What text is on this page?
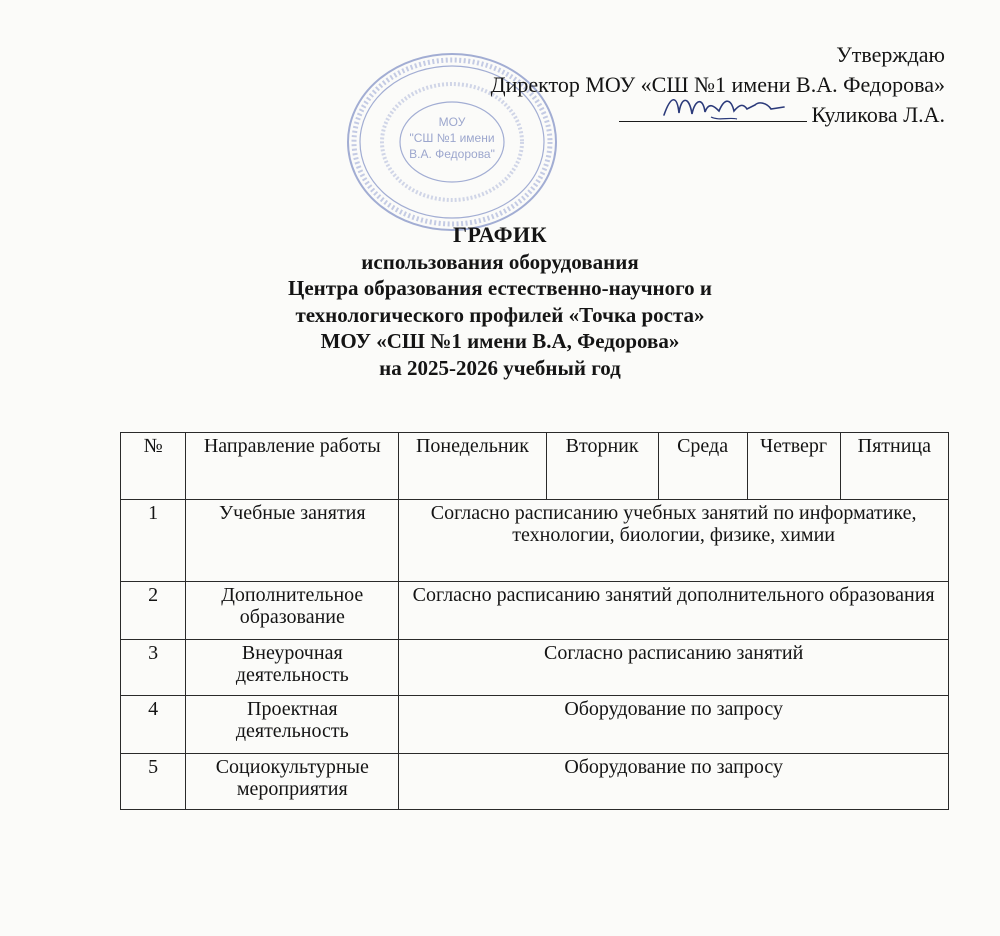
МОУ
"СШ №1 имени
В.А. Федорова"
Утверждаю
Директор МОУ «СШ №1 имени В.А. Федорова»
Куликова Л.А.
ГРАФИК
использования оборудования
Центра образования естественно-научного и
технологического профилей «Точка роста»
МОУ «СШ №1 имени В.А, Федорова»
на 2025-2026 учебный год
№	Направление работы	Понедельник	Вторник	Среда	Четверг	Пятница
1	Учебные занятия	Согласно расписанию учебных занятий по информатике, технологии, биологии, физике, химии				
2	Дополнительное образование	Согласно расписанию занятий дополнительного образования				
3	Внеурочная деятельность	Согласно расписанию занятий				
4	Проектная деятельность	Оборудование по запросу				
5	Социокультурные мероприятия	Оборудование по запросу				
